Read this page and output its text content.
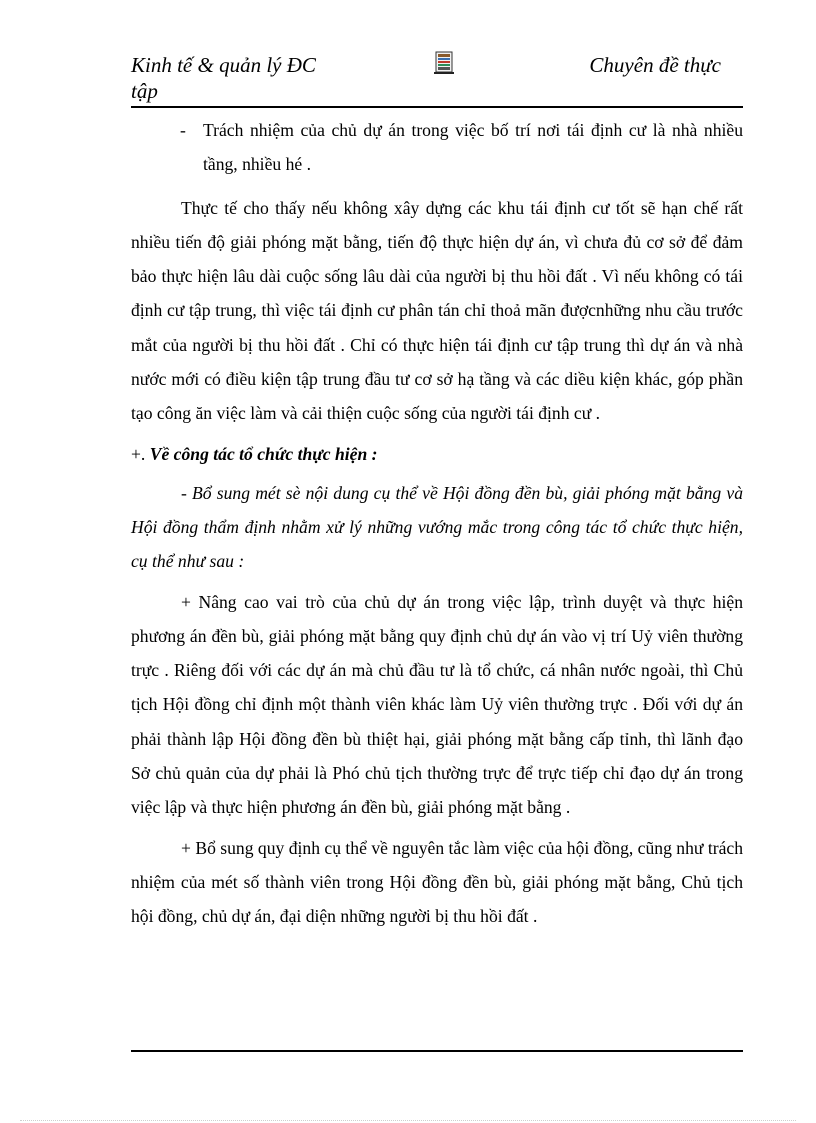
Kinh tế & quản lý ĐC tập
Chuyên đề thực

- Trách nhiệm của chủ dự án trong việc bố trí nơi tái định cư là nhà nhiều tầng, nhiều hé .

Thực tế cho thấy nếu không xây dựng các khu tái định cư tốt sẽ hạn chế rất nhiều tiến độ giải phóng mặt bằng, tiến độ thực hiện dự án, vì chưa đủ cơ sở để đảm bảo thực hiện lâu dài cuộc sống lâu dài của người bị thu hồi đất . Vì nếu không có tái định cư tập trung, thì việc tái định cư phân tán chỉ thoả mãn đượcnhững nhu cầu trước mắt của người bị thu hồi đất . Chỉ có thực hiện tái định cư tập trung thì dự án và nhà nước mới có điều kiện tập trung đầu tư cơ sở hạ tầng và các diều kiện khác, góp phần tạo công ăn việc làm và cải thiện cuộc sống của người tái định cư .

+. Về công tác tổ chức thực hiện :

- Bổ sung mét sè nội dung cụ thể về Hội đồng đền bù, giải phóng mặt bằng và Hội đồng thẩm định nhằm xử lý những vướng mắc trong công tác tổ chức thực hiện, cụ thể như sau :

+ Nâng cao vai trò của chủ dự án trong việc lập, trình duyệt và thực hiện phương án đền bù, giải phóng mặt bằng quy định chủ dự án vào vị trí Uỷ viên thường trực . Riêng đối với các dự án mà chủ đầu tư là tổ chức, cá nhân nước ngoài, thì Chủ tịch Hội đồng chỉ định một thành viên khác làm Uỷ viên thường trực . Đối với dự án phải thành lập Hội đồng đền bù thiệt hại, giải phóng mặt bằng cấp tỉnh, thì lãnh đạo Sở chủ quản của dự phải là Phó chủ tịch thường trực để trực tiếp chỉ đạo dự án trong việc lập và thực hiện phương án đền bù, giải phóng mặt bằng .

+ Bổ sung quy định cụ thể về nguyên tắc làm việc của hội đồng, cũng như trách nhiệm của mét số thành viên trong Hội đồng đền bù, giải phóng mặt bằng, Chủ tịch hội đồng, chủ dự án, đại diện những người bị thu hồi đất .
